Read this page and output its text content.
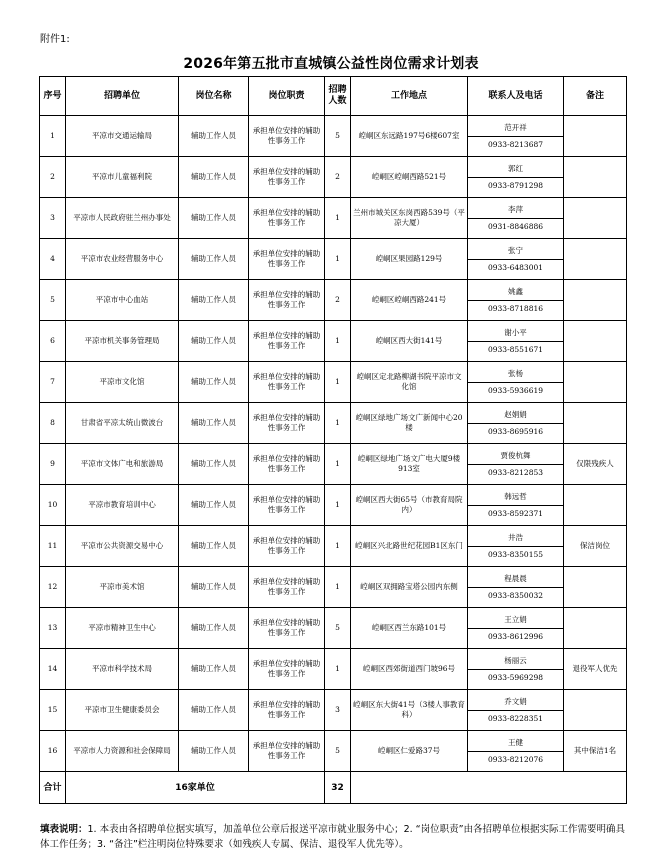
附件1:
2026年第五批市直城镇公益性岗位需求计划表
序号	招聘单位	岗位名称	岗位职责	招聘人数	工作地点	联系人及电话	备注
1	平凉市交通运输局	辅助工作人员	承担单位安排的辅助性事务工作	5	崆峒区东远路197号6楼607室	范开祥
0933-8213687	

2	平凉市儿童福利院	辅助工作人员	承担单位安排的辅助性事务工作	2	崆峒区崆峒西路521号	郭红
0933-8791298	

3	平凉市人民政府驻兰州办事处	辅助工作人员	承担单位安排的辅助性事务工作	1	兰州市城关区东岗西路539号（平凉大厦）	李萍
0931-8846886	

4	平凉市农业经营服务中心	辅助工作人员	承担单位安排的辅助性事务工作	1	崆峒区果园路129号	张宁
0933-6483001	

5	平凉市中心血站	辅助工作人员	承担单位安排的辅助性事务工作	2	崆峒区崆峒西路241号	姚鑫
0933-8718816	

6	平凉市机关事务管理局	辅助工作人员	承担单位安排的辅助性事务工作	1	崆峒区西大街141号	谢小平
0933-8551671	

7	平凉市文化馆	辅助工作人员	承担单位安排的辅助性事务工作	1	崆峒区定北路柳湖书院平凉市文化馆	张杨
0933-5936619	

8	甘肃省平凉太统山微波台	辅助工作人员	承担单位安排的辅助性事务工作	1	崆峒区绿地广场文广新闻中心20楼	赵娟娟
0933-8695916	

9	平凉市文体广电和旅游局	辅助工作人员	承担单位安排的辅助性事务工作	1	崆峒区绿地广场文广电大厦9楼913室	贾俊杭舞
0933-8212853	仅限残疾人
10	平凉市教育培训中心	辅助工作人员	承担单位安排的辅助性事务工作	1	崆峒区西大街65号（市教育局院内）	韩远哲
0933-8592371	

11	平凉市公共资源交易中心	辅助工作人员	承担单位安排的辅助性事务工作	1	崆峒区兴北路世纪花园B1区东门	井浩
0933-8350155	保洁岗位
12	平凉市美术馆	辅助工作人员	承担单位安排的辅助性事务工作	1	崆峒区双拥路宝塔公园内东侧	程晨晨
0933-8350032	

13	平凉市精神卫生中心	辅助工作人员	承担单位安排的辅助性事务工作	5	崆峒区西兰东路101号	王立娟
0933-8612996	

14	平凉市科学技术局	辅助工作人员	承担单位安排的辅助性事务工作	1	崆峒区西郊街道西门坡96号	杨丽云
0933-5969298	退役军人优先
15	平凉市卫生健康委员会	辅助工作人员	承担单位安排的辅助性事务工作	3	崆峒区东大街41号（3楼人事教育科）	乔文娟
0933-8228351	

16	平凉市人力资源和社会保障局	辅助工作人员	承担单位安排的辅助性事务工作	5	崆峒区仁爱路37号	王健
0933-8212076	其中保洁1名
合计	16家单位			32			
填表说明：1. 本表由各招聘单位据实填写，加盖单位公章后报送平凉市就业服务中心；2. “岗位职责”由各招聘单位根据实际工作需要明确具体工作任务；3. “备注”栏注明岗位特殊要求（如残疾人专属、保洁、退役军人优先等）。
